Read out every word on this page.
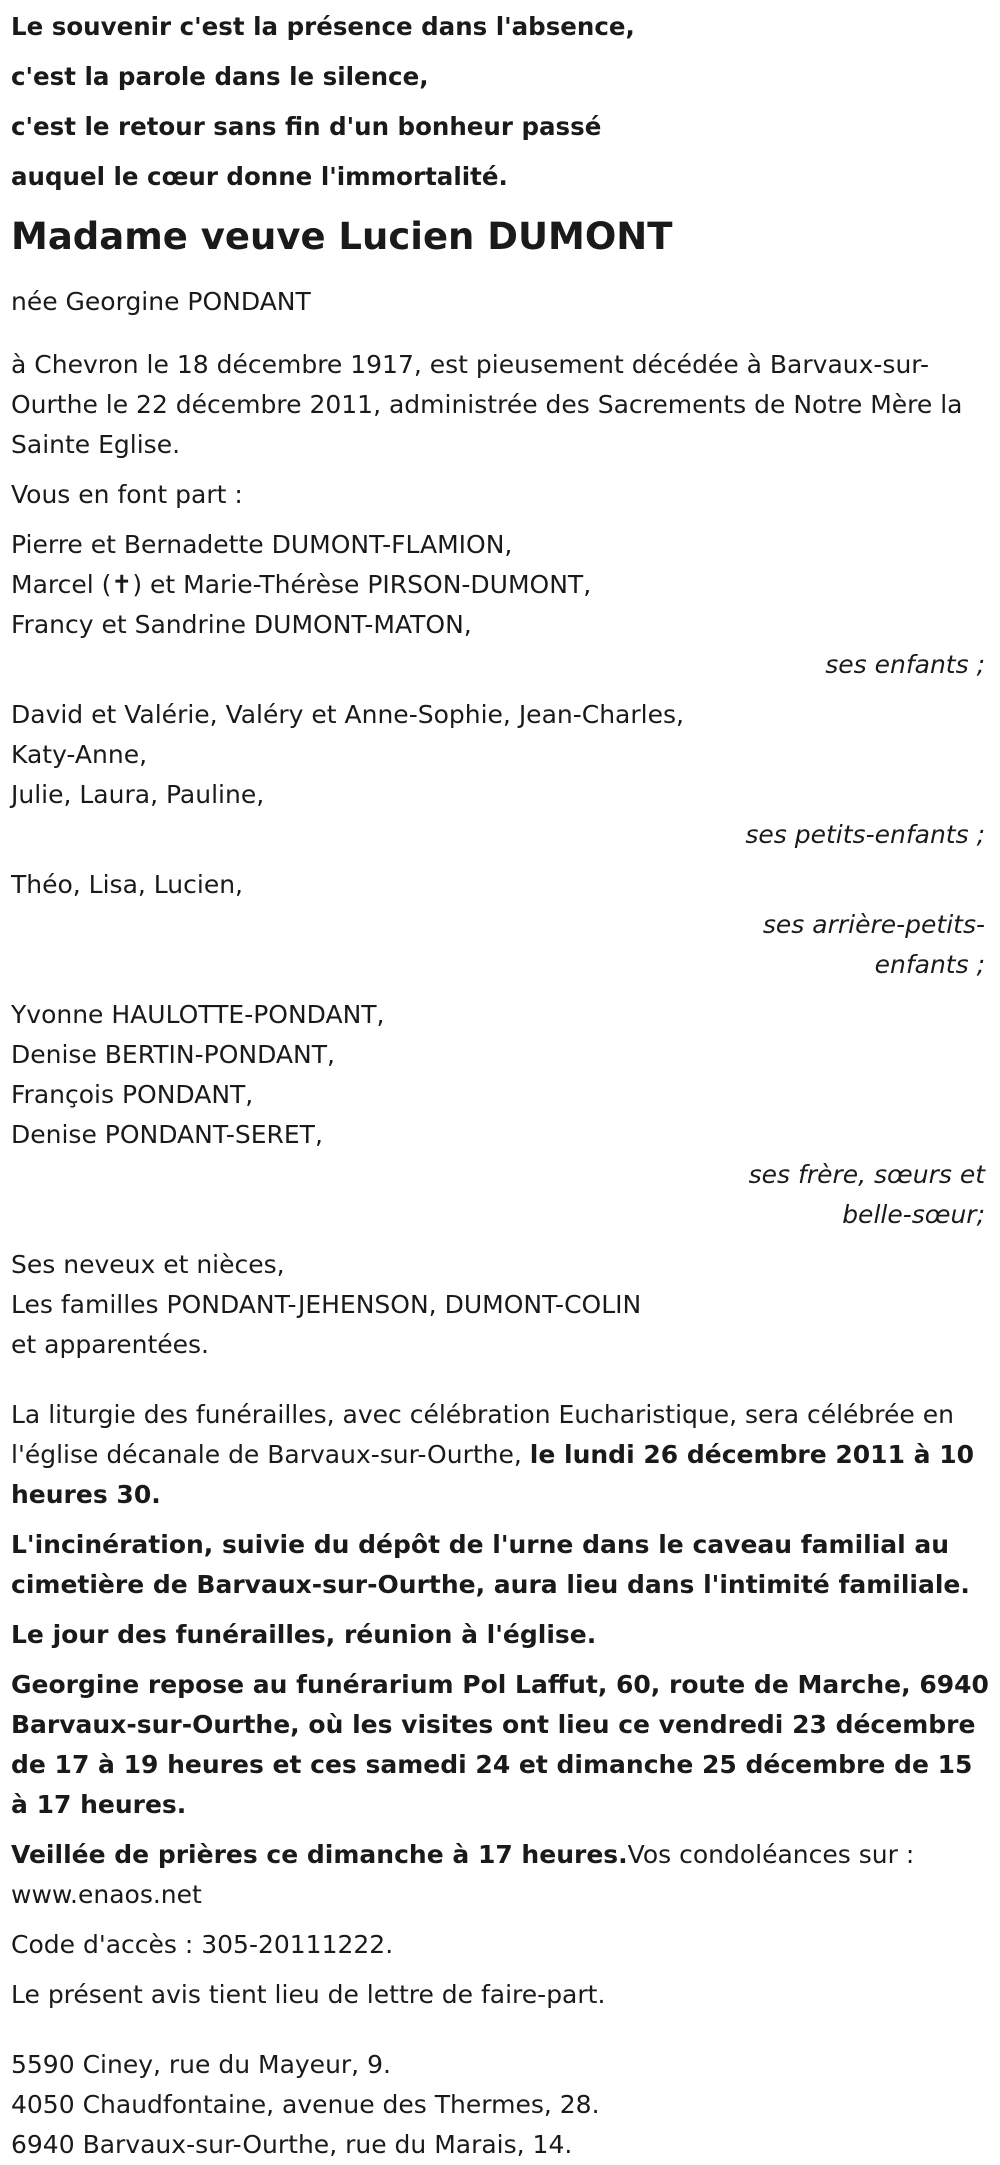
Le souvenir c'est la présence dans l'absence,
c'est la parole dans le silence,
c'est le retour sans fin d'un bonheur passé
auquel le cœur donne l'immortalité.
Madame veuve Lucien DUMONT

née Georgine PONDANT

à Chevron le 18 décembre 1917, est pieusement décédée à Barvaux-sur-Ourthe le 22 décembre 2011, administrée des Sacrements de Notre Mère la Sainte Eglise.

Vous en font part :

Pierre et Bernadette DUMONT-FLAMION,
Marcel (✝) et Marie-Thérèse PIRSON-DUMONT,
Francy et Sandrine DUMONT-MATON,
ses enfants ;
David et Valérie, Valéry et Anne-Sophie, Jean-Charles,
Katy-Anne,
Julie, Laura, Pauline,
ses petits-enfants ;
Théo, Lisa, Lucien,
ses arrière-petits-enfants ;
Yvonne HAULOTTE-PONDANT,
Denise BERTIN-PONDANT,
François PONDANT,
Denise PONDANT-SERET,
ses frère, sœurs et belle-sœur;
Ses neveux et nièces,
Les familles PONDANT-JEHENSON, DUMONT-COLIN
et apparentées.

La liturgie des funérailles, avec célébration Eucharistique, sera célébrée en l'église décanale de Barvaux-sur-Ourthe, le lundi 26 décembre 2011 à 10 heures 30.

L'incinération, suivie du dépôt de l'urne dans le caveau familial au cimetière de Barvaux-sur-Ourthe, aura lieu dans l'intimité familiale.

Le jour des funérailles, réunion à l'église.

Georgine repose au funérarium Pol Laffut, 60, route de Marche, 6940 Barvaux-sur-Ourthe, où les visites ont lieu ce vendredi 23 décembre de 17 à 19 heures et ces samedi 24 et dimanche 25 décembre de 15 à 17 heures.

Veillée de prières ce dimanche à 17 heures.Vos condoléances sur : www.enaos.net

Code d'accès : 305-20111222.

Le présent avis tient lieu de lettre de faire-part.

5590 Ciney, rue du Mayeur, 9.
4050 Chaudfontaine, avenue des Thermes, 28.
6940 Barvaux-sur-Ourthe, rue du Marais, 14.
